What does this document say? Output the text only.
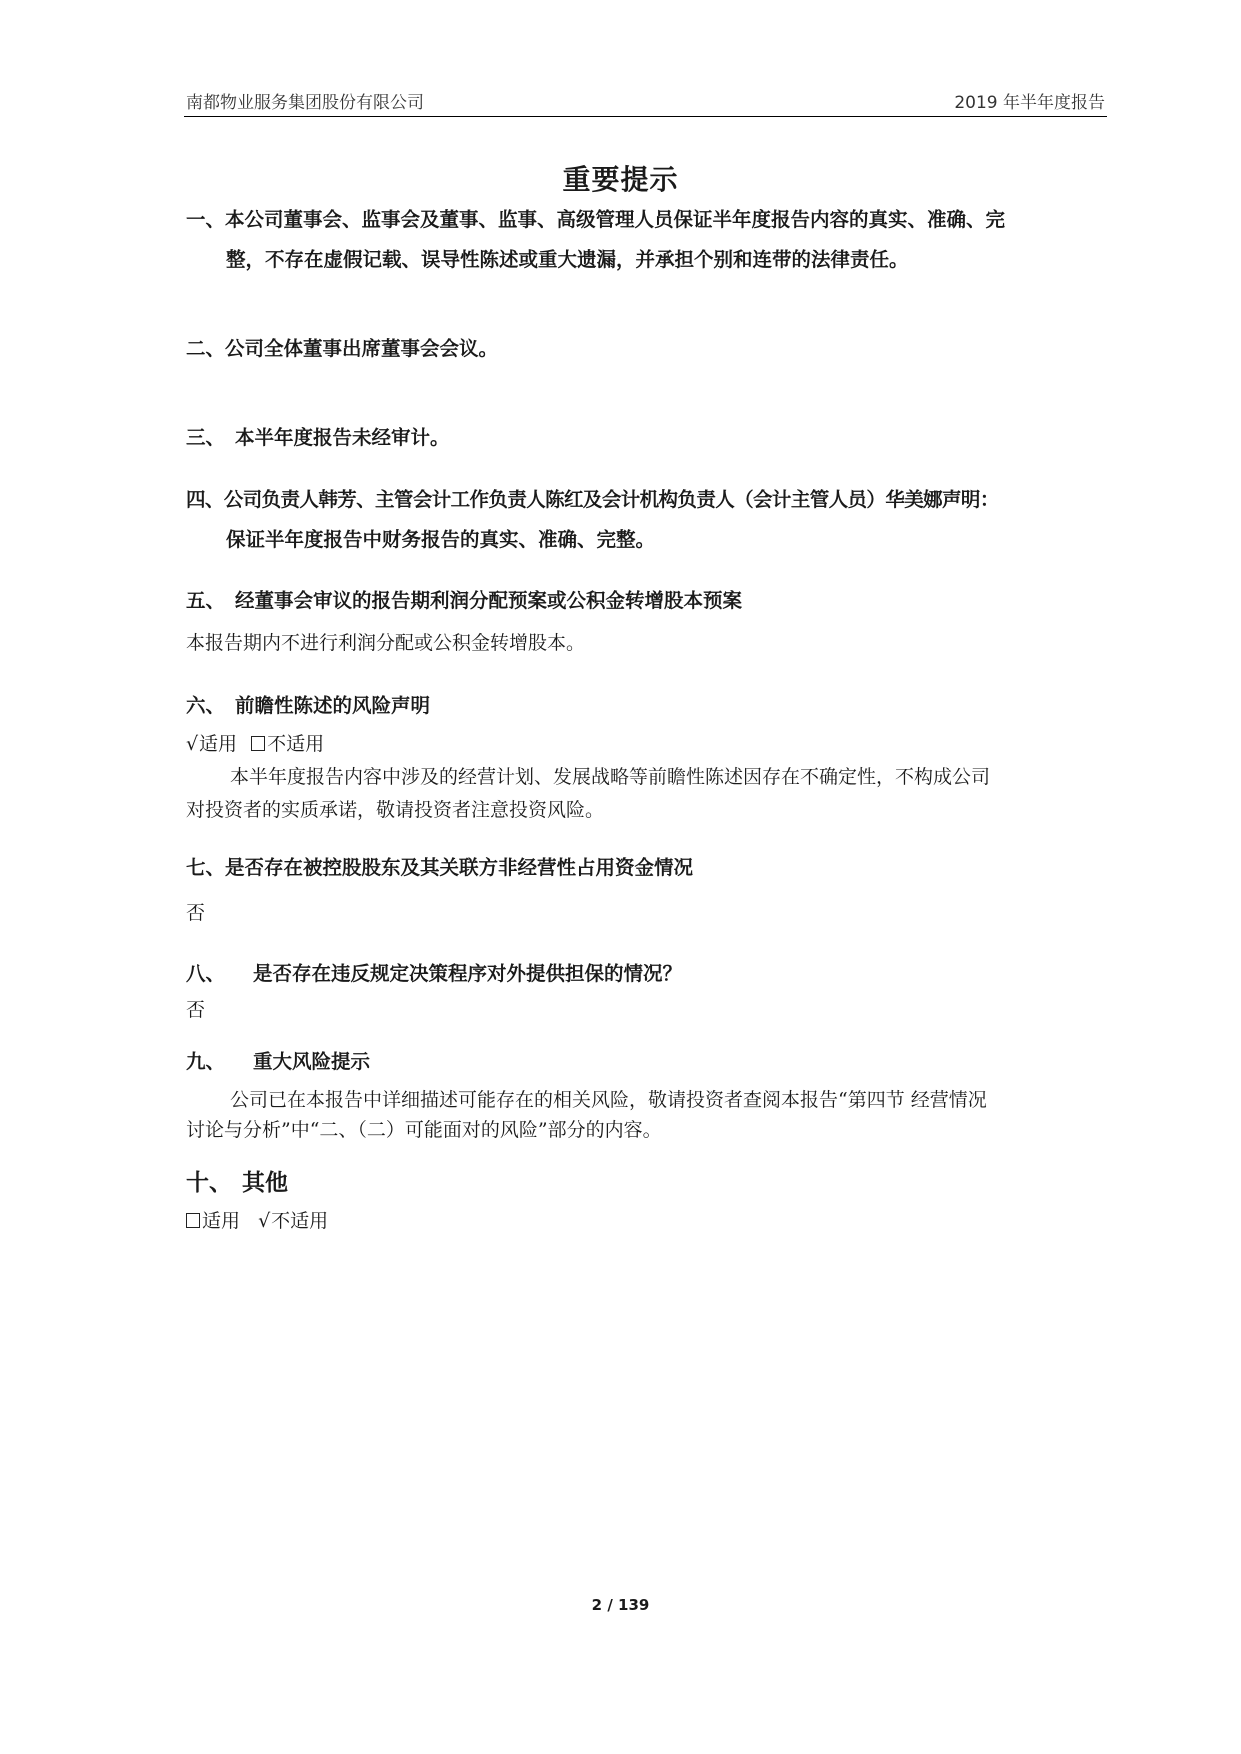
南都物业服务集团股份有限公司	2019 年半年度报告
重要提示
一、本公司董事会、监事会及董事、监事、高级管理人员保证半年度报告内容的真实、准确、完
整，不存在虚假记载、误导性陈述或重大遗漏，并承担个别和连带的法律责任。
二、公司全体董事出席董事会会议。
三、 本半年度报告未经审计。
四、公司负责人韩芳、主管会计工作负责人陈红及会计机构负责人（会计主管人员）华美娜声明：
保证半年度报告中财务报告的真实、准确、完整。
五、 经董事会审议的报告期利润分配预案或公积金转增股本预案
本报告期内不进行利润分配或公积金转增股本。
六、 前瞻性陈述的风险声明
√适用 不适用
本半年度报告内容中涉及的经营计划、发展战略等前瞻性陈述因存在不确定性，不构成公司
对投资者的实质承诺，敬请投资者注意投资风险。
七、是否存在被控股股东及其关联方非经营性占用资金情况
否
八、 是否存在违反规定决策程序对外提供担保的情况？
否
九、 重大风险提示
公司已在本报告中详细描述可能存在的相关风险，敬请投资者查阅本报告“第四节 经营情况
讨论与分析”中“二、（二）可能面对的风险”部分的内容。
十、 其他
适用 √不适用
2 / 139
